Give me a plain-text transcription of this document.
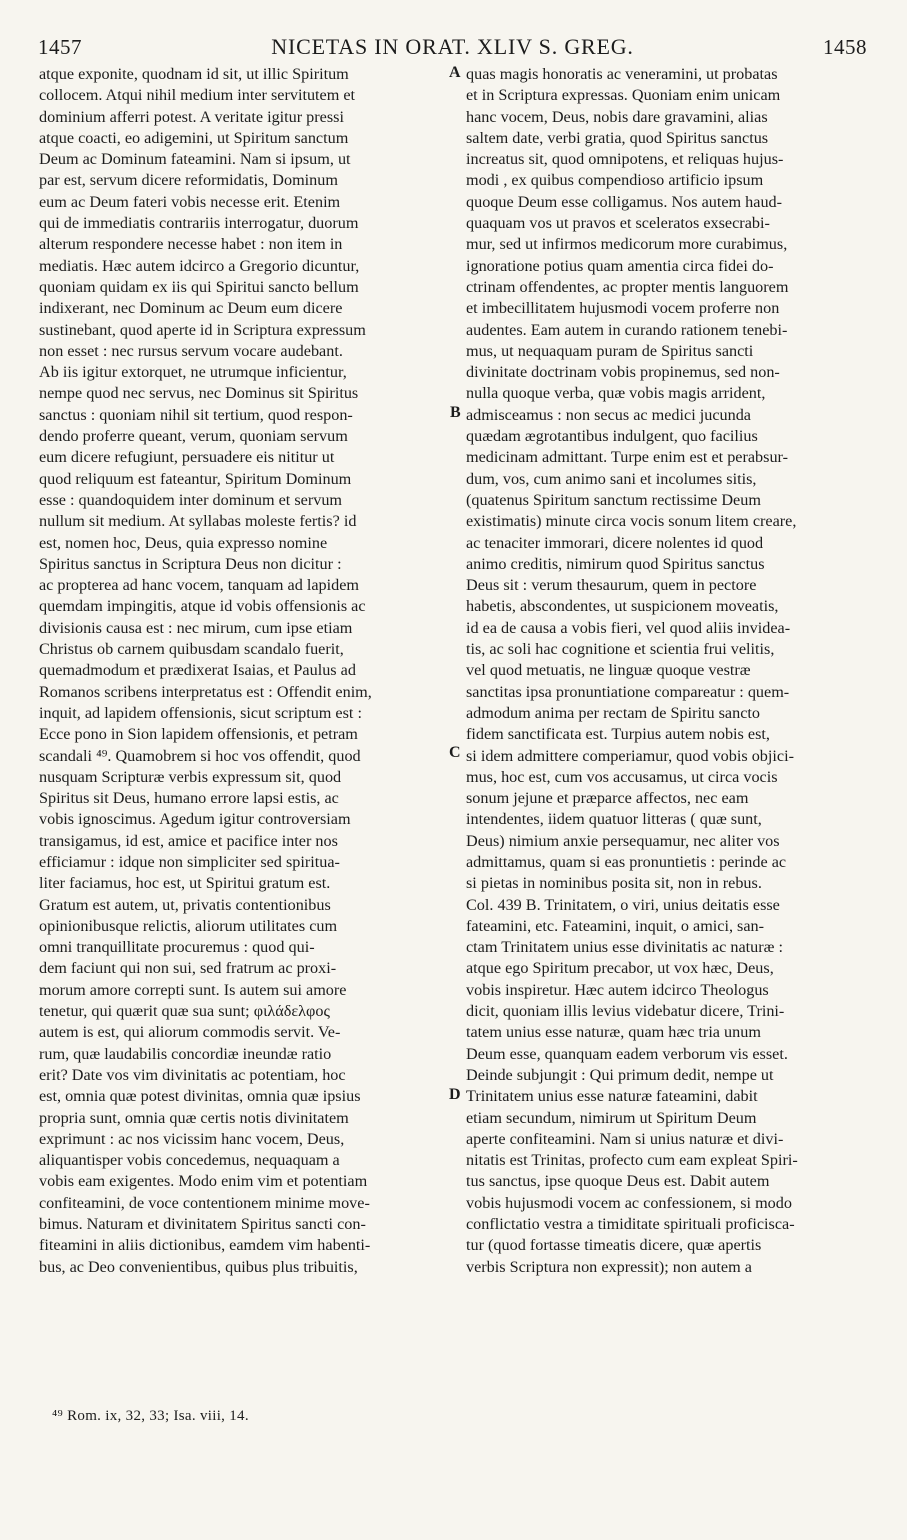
1457	NICETAS IN ORAT. XLIV S. GREG.	1458
atque exponite, quodnam id sit, ut illic Spiritum
collocem. Atqui nihil medium inter servitutem et
dominium afferri potest. A veritate igitur pressi
atque coacti, eo adigemini, ut Spiritum sanctum
Deum ac Dominum fateamini. Nam si ipsum, ut
par est, servum dicere reformidatis, Dominum
eum ac Deum fateri vobis necesse erit. Etenim
qui de immediatis contrariis interrogatur, duorum
alterum respondere necesse habet : non item in
mediatis. Hæc autem idcirco a Gregorio dicuntur,
quoniam quidam ex iis qui Spiritui sancto bellum
indixerant, nec Dominum ac Deum eum dicere
sustinebant, quod aperte id in Scriptura expressum
non esset : nec rursus servum vocare audebant.
Ab iis igitur extorquet, ne utrumque inficientur,
nempe quod nec servus, nec Dominus sit Spiritus
sanctus : quoniam nihil sit tertium, quod respon-
dendo proferre queant, verum, quoniam servum
eum dicere refugiunt, persuadere eis nititur ut
quod reliquum est fateantur, Spiritum Dominum
esse : quandoquidem inter dominum et servum
nullum sit medium. At syllabas moleste fertis? id
est, nomen hoc, Deus, quia expresso nomine
Spiritus sanctus in Scriptura Deus non dicitur :
ac propterea ad hanc vocem, tanquam ad lapidem
quemdam impingitis, atque id vobis offensionis ac
divisionis causa est : nec mirum, cum ipse etiam
Christus ob carnem quibusdam scandalo fuerit,
quemadmodum et prædixerat Isaias, et Paulus ad
Romanos scribens interpretatus est : Offendit enim,
inquit, ad lapidem offensionis, sicut scriptum est :
Ecce pono in Sion lapidem offensionis, et petram
scandali ⁴⁹. Quamobrem si hoc vos offendit, quod
nusquam Scripturæ verbis expressum sit, quod
Spiritus sit Deus, humano errore lapsi estis, ac
vobis ignoscimus. Agedum igitur controversiam
transigamus, id est, amice et pacifice inter nos
efficiamur : idque non simpliciter sed spiritua-
liter faciamus, hoc est, ut Spiritui gratum est.
Gratum est autem, ut, privatis contentionibus
opinionibusque relictis, aliorum utilitates cum
omni tranquillitate procuremus : quod qui-
dem faciunt qui non sui, sed fratrum ac proxi-
morum amore correpti sunt. Is autem sui amore
tenetur, qui quærit quæ sua sunt; φιλάδελφος
autem is est, qui aliorum commodis servit. Ve-
rum, quæ laudabilis concordiæ ineundæ ratio
erit? Date vos vim divinitatis ac potentiam, hoc
est, omnia quæ potest divinitas, omnia quæ ipsius
propria sunt, omnia quæ certis notis divinitatem
exprimunt : ac nos vicissim hanc vocem, Deus,
aliquantisper vobis concedemus, nequaquam a
vobis eam exigentes. Modo enim vim et potentiam
confiteamini, de voce contentionem minime move-
bimus. Naturam et divinitatem Spiritus sancti con-
fiteamini in aliis dictionibus, eamdem vim habenti-
bus, ac Deo convenientibus, quibus plus tribuitis,
quas magis honoratis ac veneramini, ut probatas
et in Scriptura expressas. Quoniam enim unicam
hanc vocem, Deus, nobis dare gravamini, alias
saltem date, verbi gratia, quod Spiritus sanctus
increatus sit, quod omnipotens, et reliquas hujus-
modi , ex quibus compendioso artificio ipsum
quoque Deum esse colligamus. Nos autem haud-
quaquam vos ut pravos et sceleratos exsecrabi-
mur, sed ut infirmos medicorum more curabimus,
ignoratione potius quam amentia circa fidei do-
ctrinam offendentes, ac propter mentis languorem
et imbecillitatem hujusmodi vocem proferre non
audentes. Eam autem in curando rationem tenebi-
mus, ut nequaquam puram de Spiritus sancti
divinitate doctrinam vobis propinemus, sed non-
nulla quoque verba, quæ vobis magis arrident,
admisceamus : non secus ac medici jucunda
quædam ægrotantibus indulgent, quo facilius
medicinam admittant. Turpe enim est et perabsur-
dum, vos, cum animo sani et incolumes sitis,
(quatenus Spiritum sanctum rectissime Deum
existimatis) minute circa vocis sonum litem creare,
ac tenaciter immorari, dicere nolentes id quod
animo creditis, nimirum quod Spiritus sanctus
Deus sit : verum thesaurum, quem in pectore
habetis, abscondentes, ut suspicionem moveatis,
id ea de causa a vobis fieri, vel quod aliis invidea-
tis, ac soli hac cognitione et scientia frui velitis,
vel quod metuatis, ne linguæ quoque vestræ
sanctitas ipsa pronuntiatione compareatur : quem-
admodum anima per rectam de Spiritu sancto
fidem sanctificata est. Turpius autem nobis est,
si idem admittere comperiamur, quod vobis objici-
mus, hoc est, cum vos accusamus, ut circa vocis
sonum jejune et præparce affectos, nec eam
intendentes, iidem quatuor litteras ( quæ sunt,
Deus) nimium anxie persequamur, nec aliter vos
admittamus, quam si eas pronuntietis : perinde ac
si pietas in nominibus posita sit, non in rebus.
Col. 439 B. Trinitatem, o viri, unius deitatis esse
fateamini, etc. Fateamini, inquit, o amici, san-
ctam Trinitatem unius esse divinitatis ac naturæ :
atque ego Spiritum precabor, ut vox hæc, Deus,
vobis inspiretur. Hæc autem idcirco Theologus
dicit, quoniam illis levius videbatur dicere, Trini-
tatem unius esse naturæ, quam hæc tria unum
Deum esse, quanquam eadem verborum vis esset.
Deinde subjungit : Qui primum dedit, nempe ut
Trinitatem unius esse naturæ fateamini, dabit
etiam secundum, nimirum ut Spiritum Deum
aperte confiteamini. Nam si unius naturæ et divi-
nitatis est Trinitas, profecto cum eam expleat Spiri-
tus sanctus, ipse quoque Deus est. Dabit autem
vobis hujusmodi vocem ac confessionem, si modo
conflictatio vestra a timiditate spirituali proficisca-
tur (quod fortasse timeatis dicere, quæ apertis
verbis Scriptura non expressit); non autem a
A
B
C
D
⁴⁹ Rom. ix, 32, 33; Isa. viii, 14.
